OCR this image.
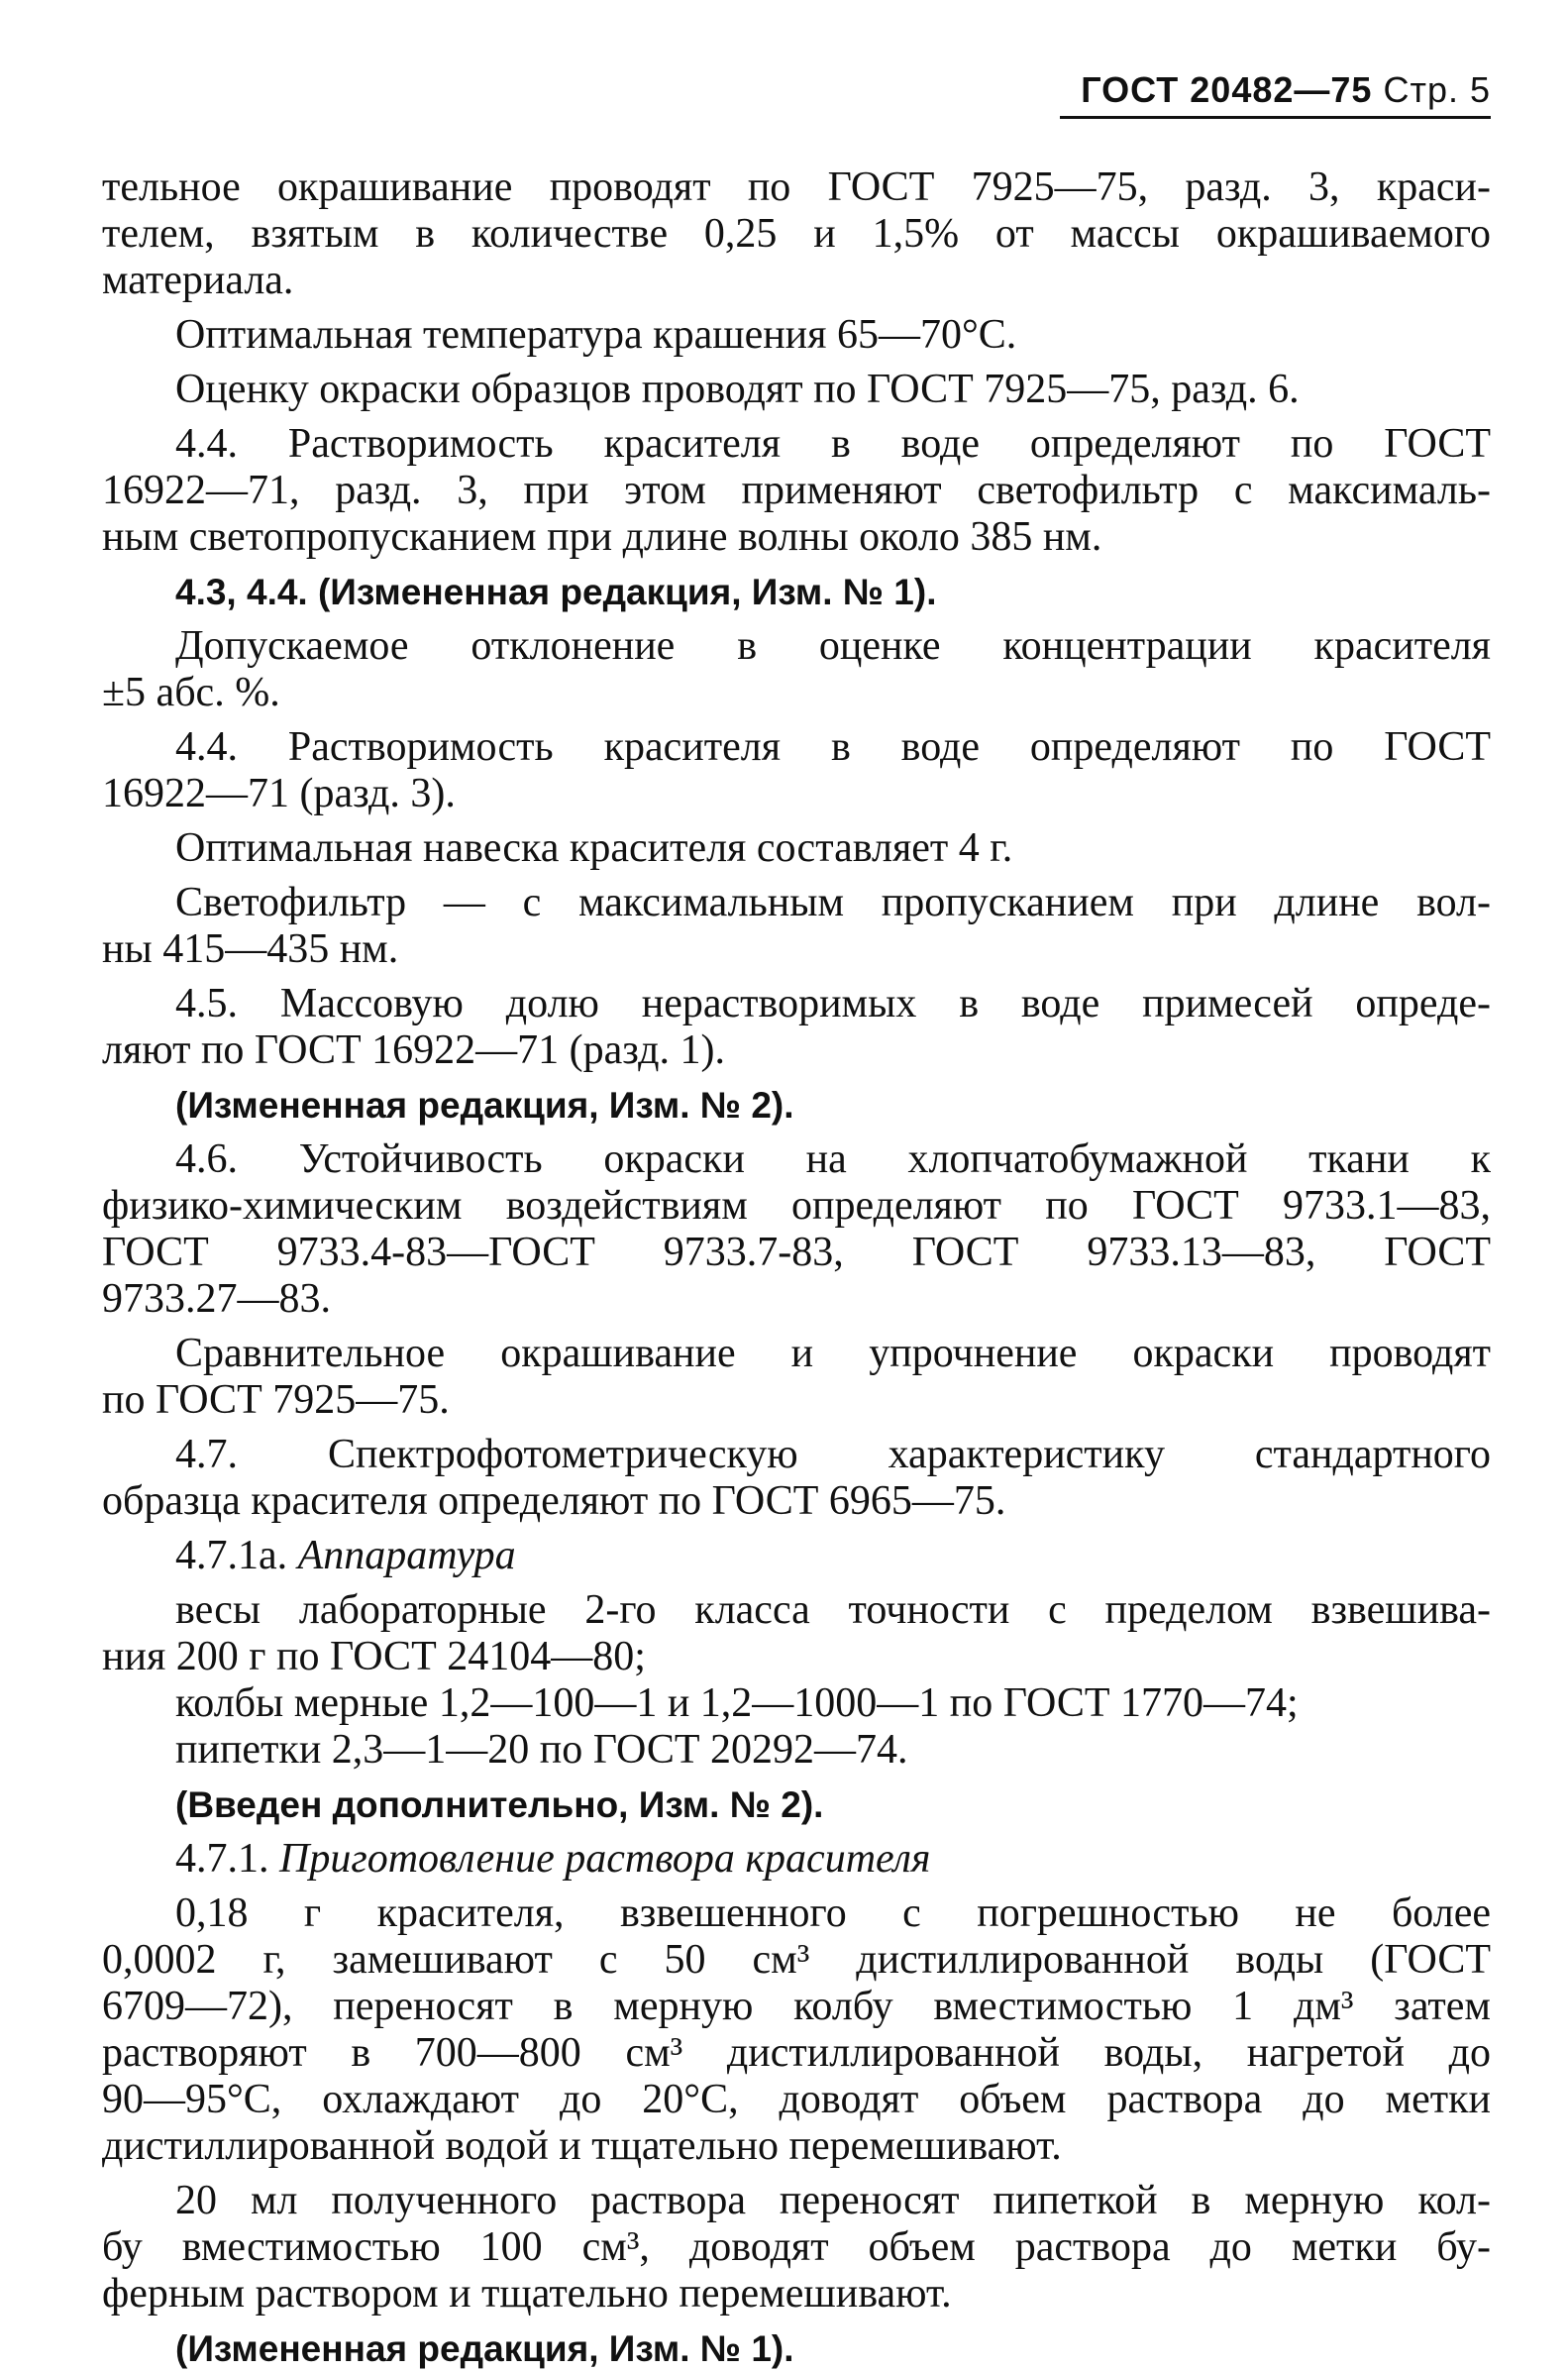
ГОСТ 20482—75 Стр. 5
тельное окрашивание проводят по ГОСТ 7925—75, разд. 3, краси-
телем, взятым в количестве 0,25 и 1,5% от массы окрашиваемого
материала.
Оптимальная температура крашения 65—70°С.
Оценку окраски образцов проводят по ГОСТ 7925—75, разд. 6.
4.4. Растворимость красителя в воде определяют по ГОСТ
16922—71, разд. 3, при этом применяют светофильтр с максималь-
ным светопропусканием при длине волны около 385 нм.
4.3, 4.4. (Измененная редакция, Изм. № 1).
Допускаемое отклонение в оценке концентрации красителя
±5 абс. %.
4.4. Растворимость красителя в воде определяют по ГОСТ
16922—71 (разд. 3).
Оптимальная навеска красителя составляет 4 г.
Светофильтр — с максимальным пропусканием при длине вол-
ны 415—435 нм.
4.5. Массовую долю нерастворимых в воде примесей опреде-
ляют по ГОСТ 16922—71 (разд. 1).
(Измененная редакция, Изм. № 2).
4.6. Устойчивость окраски на хлопчатобумажной ткани к
физико-химическим воздействиям определяют по ГОСТ 9733.1—83,
ГОСТ 9733.4-83—ГОСТ 9733.7-83, ГОСТ 9733.13—83, ГОСТ
9733.27—83.
Сравнительное окрашивание и упрочнение окраски проводят
по ГОСТ 7925—75.
4.7. Спектрофотометрическую характеристику стандартного
образца красителя определяют по ГОСТ 6965—75.
4.7.1а. Аппаратура
весы лабораторные 2-го класса точности с пределом взвешива-
ния 200 г по ГОСТ 24104—80;
колбы мерные 1,2—100—1 и 1,2—1000—1 по ГОСТ 1770—74;
пипетки 2,3—1—20 по ГОСТ 20292—74.
(Введен дополнительно, Изм. № 2).
4.7.1. Приготовление раствора красителя
0,18 г красителя, взвешенного с погрешностью не более
0,0002 г, замешивают с 50 см³ дистиллированной воды (ГОСТ
6709—72), переносят в мерную колбу вместимостью 1 дм³ затем
растворяют в 700—800 см³ дистиллированной воды, нагретой до
90—95°С, охлаждают до 20°С, доводят объем раствора до метки
дистиллированной водой и тщательно перемешивают.
20 мл полученного раствора переносят пипеткой в мерную кол-
бу вместимостью 100 см³, доводят объем раствора до метки бу-
ферным раствором и тщательно перемешивают.
(Измененная редакция, Изм. № 1).
